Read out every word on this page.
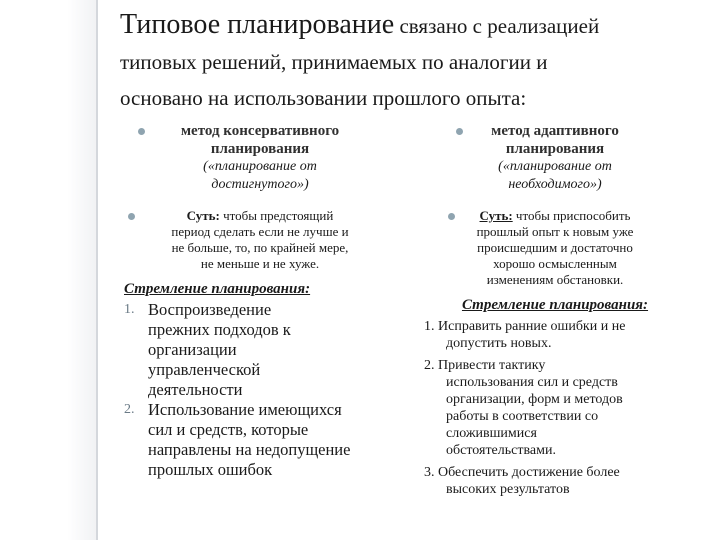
Типовое планирование связано с реализацией
типовых решений, принимаемых по аналогии и
основано на использовании прошлого опыта:
метод консервативного
планирования

(«планирование от
достигнутого»)

Суть: чтобы предстоящий
период сделать если не лучше и
не больше, то, по крайней мере,
не меньше и не хуже.

Стремление планирования:

1. Воспроизведение
прежних подходов к
организации
управленческой
деятельности
2. Использование имеющихся
сил и средств, которые
направлены на недопущение
прошлых ошибок
метод адаптивного
планирования

(«планирование от
необходимого»)

Суть: чтобы приспособить
прошлый опыт к новым уже
происшедшим и достаточно
хорошо осмысленным
изменениям обстановки.

Стремление планирования:

1. Исправить ранние ошибки и не
допустить новых.
2. Привести тактику
использования сил и средств
организации, форм и методов
работы в соответствии со
сложившимися
обстоятельствами.
3. Обеспечить достижение более
высоких результатов
